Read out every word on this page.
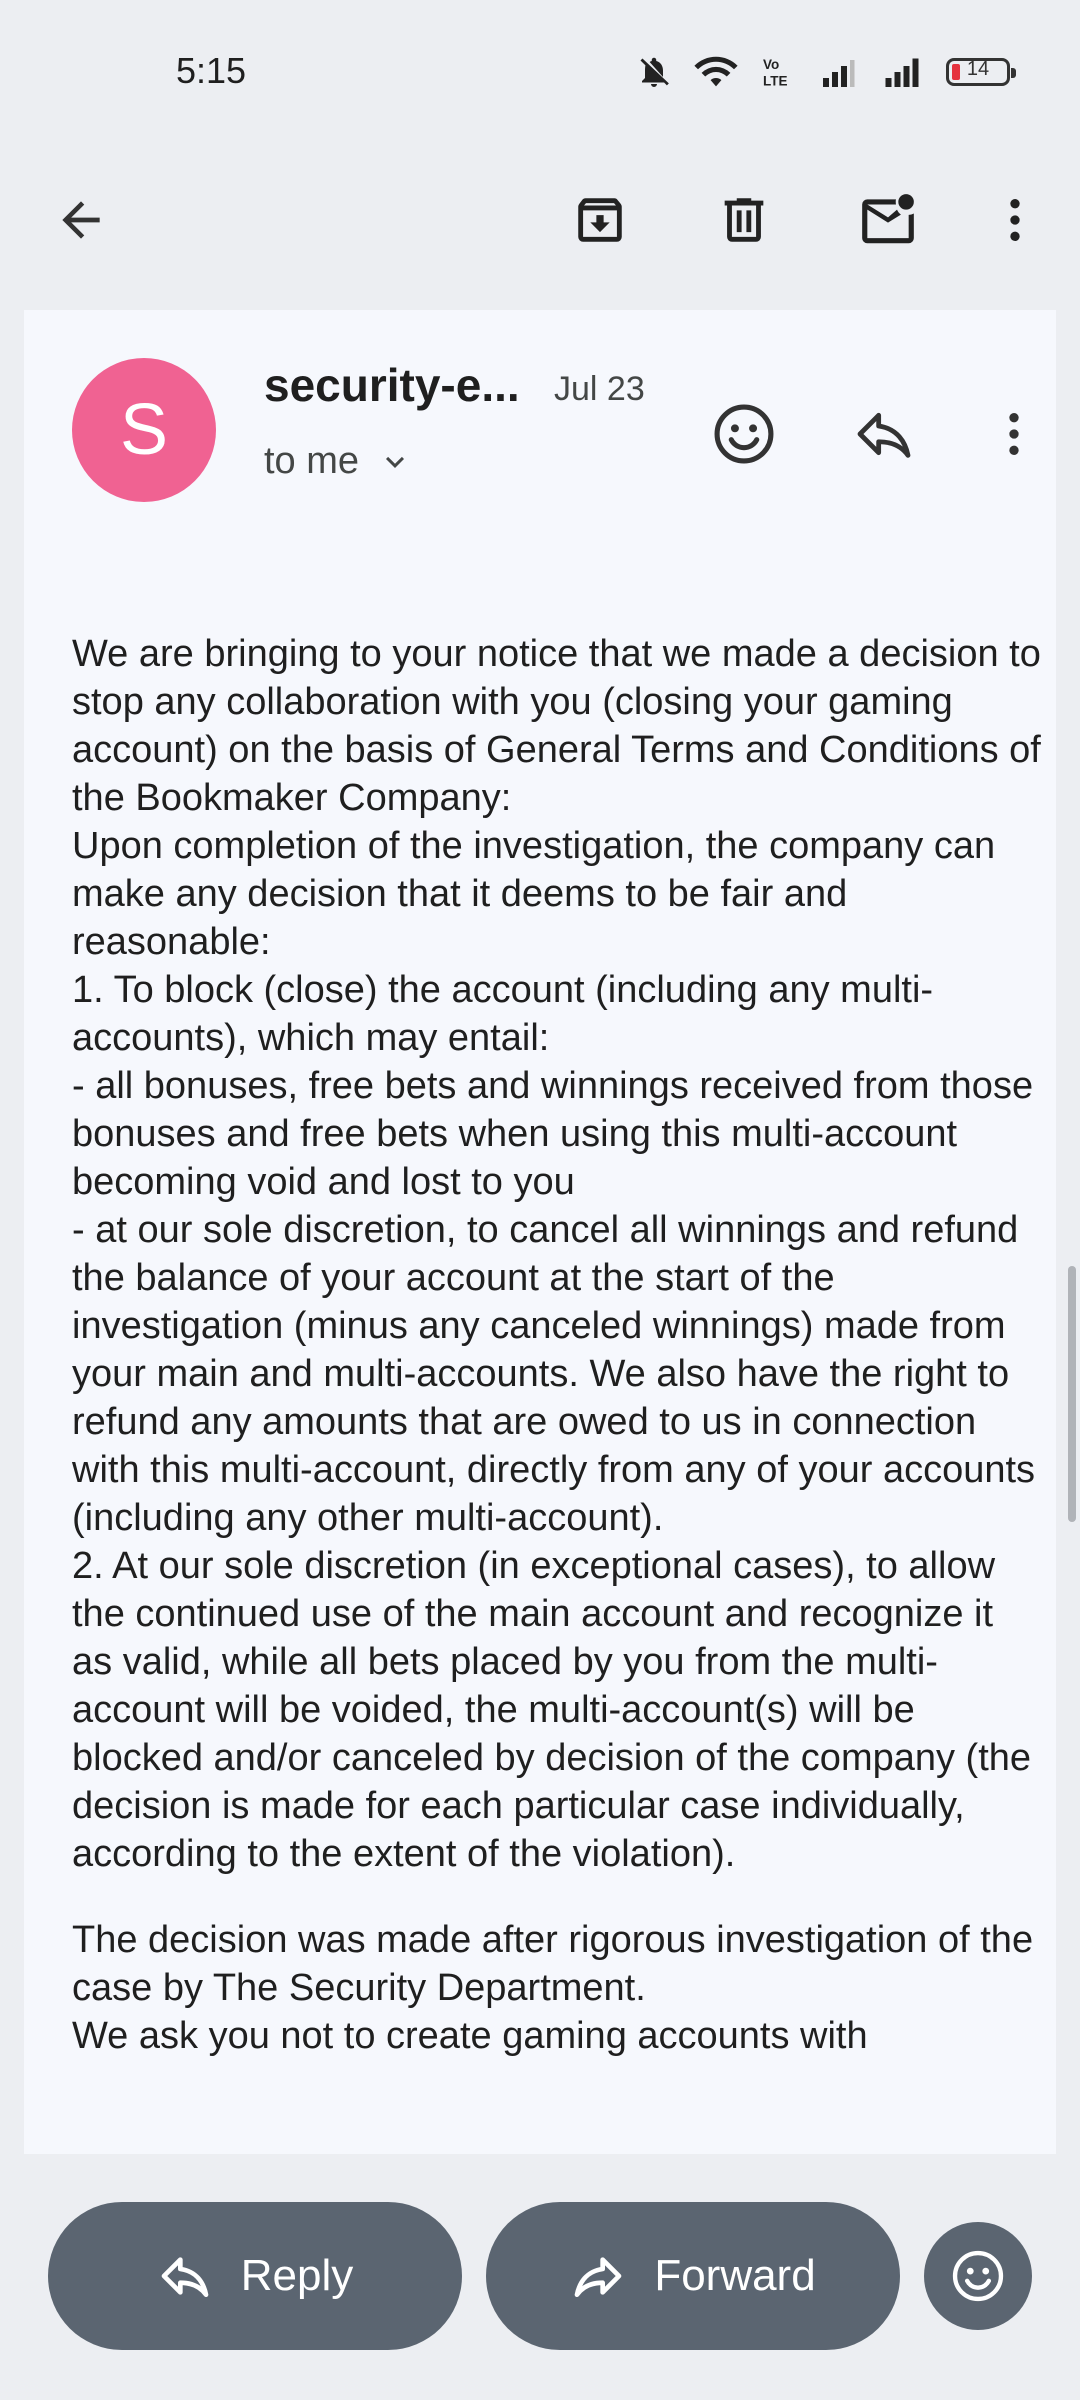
5:15	Vo
LTE
14
S
security-e... Jul 23
to me

We are bringing to your notice that we made a decision to stop any collaboration with you (closing your gaming account) on the basis of General Terms and Conditions of the Bookmaker Company:
Upon completion of the investigation, the company can make any decision that it deems to be fair and reasonable:
1. To block (close) the account (including any multi-accounts), which may entail:
- all bonuses, free bets and winnings received from those bonuses and free bets when using this multi-account becoming void and lost to you
- at our sole discretion, to cancel all winnings and refund the balance of your account at the start of the investigation (minus any canceled winnings) made from your main and multi-accounts. We also have the right to refund any amounts that are owed to us in connection with this multi-account, directly from any of your accounts (including any other multi-account).
2. At our sole discretion (in exceptional cases), to allow the continued use of the main account and recognize it as valid, while all bets placed by you from the multi-account will be voided, the multi-account(s) will be blocked and/or canceled by decision of the company (the decision is made for each particular case individually, according to the extent of the violation).

The decision was made after rigorous investigation of the case by The Security Department.
We ask you not to create gaming accounts with

Reply	Forward
